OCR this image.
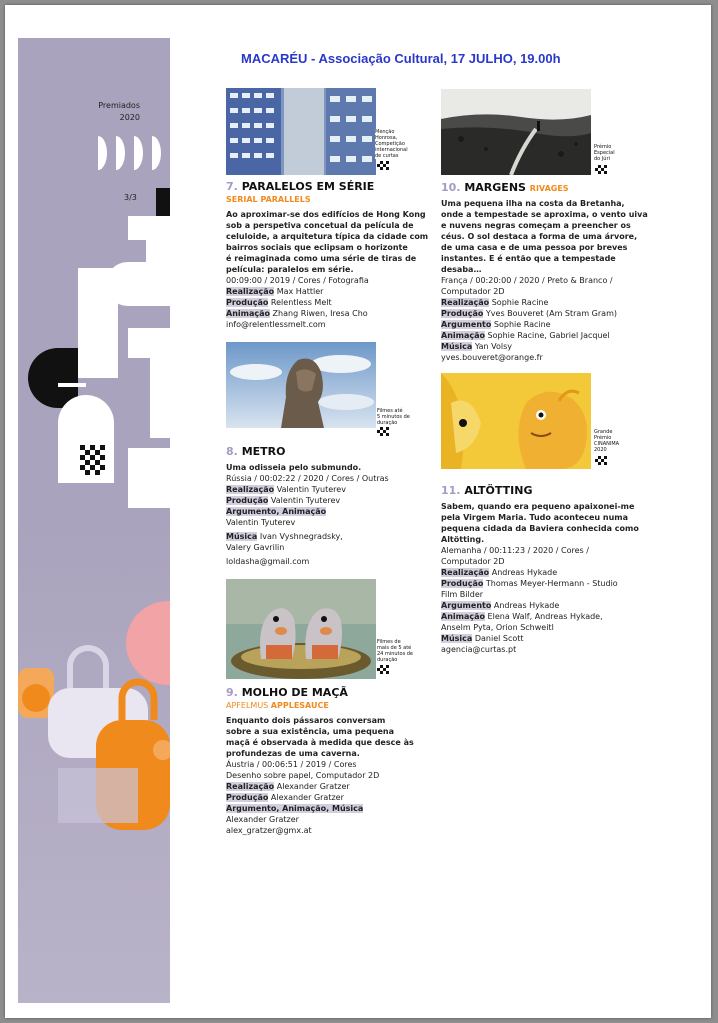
Premiados
2020
3/3
MACARÉU - Associação Cultural, 17 JULHO, 19.00h
Menção
Honrosa,
Competição
internacional
de curtas
7. PARALELOS EM SÉRIE
SERIAL PARALLELS
Ao aproximar-se dos edifícios de Hong Kong
sob a perspetiva concetual da película de
celuloide, a arquitetura típica da cidade com
bairros sociais que eclipsam o horizonte
é reimaginada como uma série de tiras de
película: paralelos em série.
00:09:00 / 2019 / Cores / Fotografia
Realização Max Hattler
Produção Relentless Melt
Animação Zhang Riwen, Iresa Cho
info@relentlessmelt.com
Filmes até
5 minutos de
duração
8. METRO
Uma odisseia pelo submundo.
Rússia / 00:02:22 / 2020 / Cores / Outras
Realização Valentin Tyuterev
Produção Valentin Tyuterev
Argumento, Animação
Valentin Tyuterev
Música Ivan Vyshnegradsky,
Valery Gavrilin
loldasha@gmail.com
Filmes de
mais de 5 até
24 minutos de
duração
9. MOLHO DE MAÇÃ
APFELMUS APPLESAUCE
Enquanto dois pássaros conversam
sobre a sua existência, uma pequena
maçã é observada à medida que desce às
profundezas de uma caverna.
Áustria / 00:06:51 / 2019 / Cores
Desenho sobre papel, Computador 2D
Realização Alexander Gratzer
Produção Alexander Gratzer
Argumento, Animação, Música
Alexander Gratzer
alex_gratzer@gmx.at
Prémio
Especial
do Júri
10. MARGENS RIVAGES
Uma pequena ilha na costa da Bretanha,
onde a tempestade se aproxima, o vento uiva
e nuvens negras começam a preencher os
céus. O sol destaca a forma de uma árvore,
de uma casa e de uma pessoa por breves
instantes. E é então que a tempestade
desaba…
França / 00:20:00 / 2020 / Preto & Branco /
Computador 2D
Realização Sophie Racine
Produção Yves Bouveret (Am Stram Gram)
Argumento Sophie Racine
Animação Sophie Racine, Gabriel Jacquel
Música Yan Volsy
yves.bouveret@orange.fr
Grande
Prémio
CINANIMA
2020
11. ALTÖTTING
Sabem, quando era pequeno apaixonei-me
pela Virgem Maria. Tudo aconteceu numa
pequena cidada da Baviera conhecida como
Altötting.
Alemanha / 00:11:23 / 2020 / Cores /
Computador 2D
Realização Andreas Hykade
Produção Thomas Meyer-Hermann - Studio
Film Bilder
Argumento Andreas Hykade
Animação Elena Walf, Andreas Hykade,
Anselm Pyta, Orion Schweitl
Música Daniel Scott
agencia@curtas.pt
